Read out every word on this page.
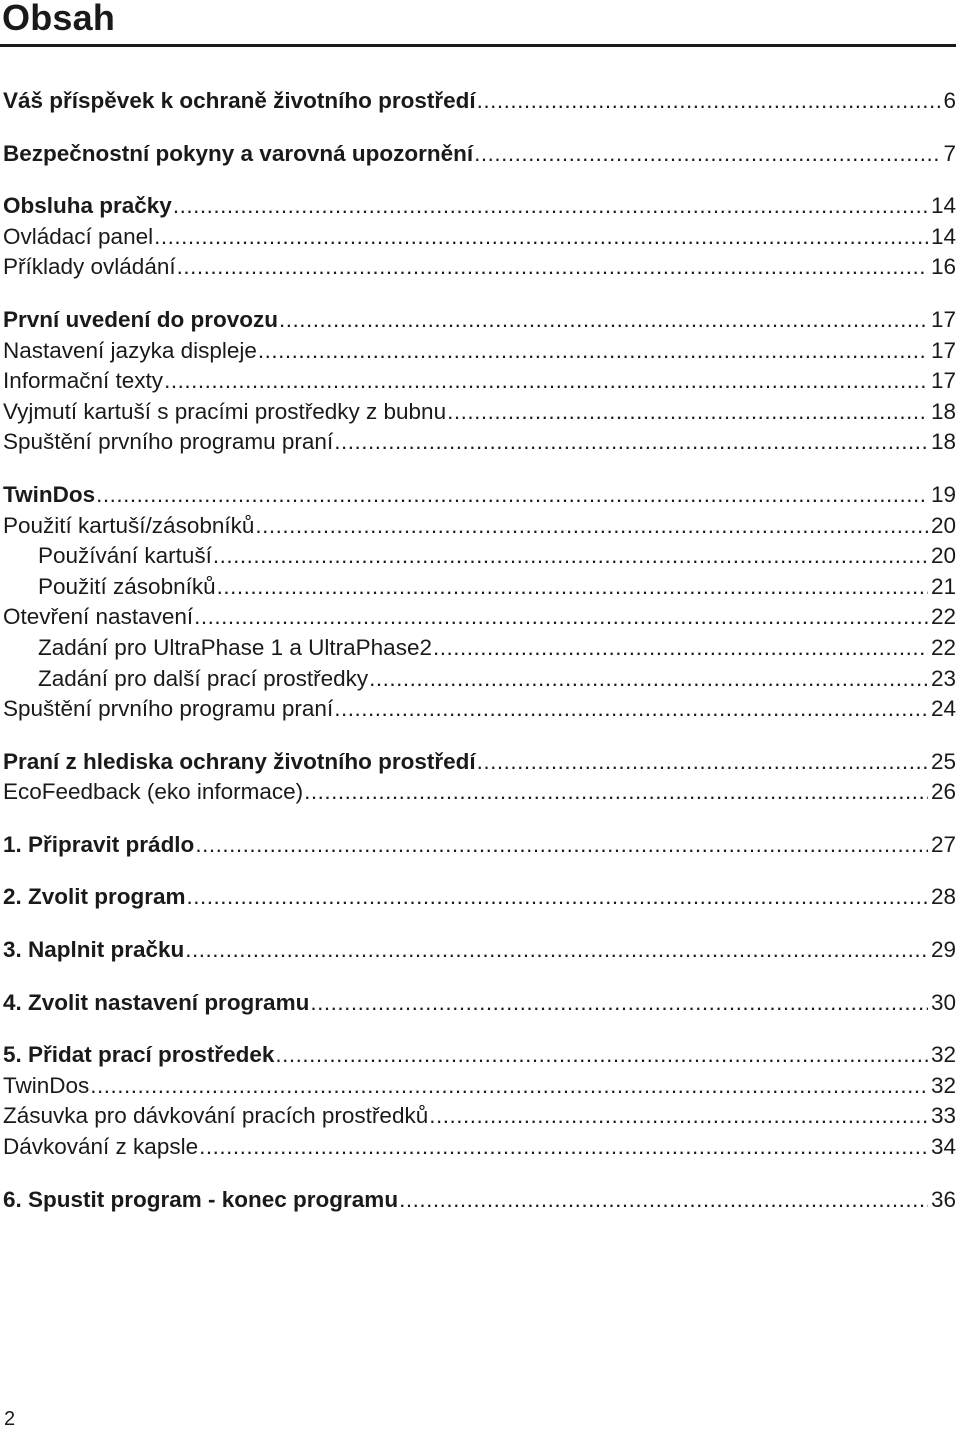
Obsah
Váš příspěvek k ochraně životního prostředí .....	6
Bezpečnostní pokyny a varovná upozornění .....	7
Obsluha pračky .....	14
Ovládací panel .....	14
Příklady ovládání .....	16
První uvedení do provozu .....	17
Nastavení jazyka displeje .....	17
Informační texty .....	17
Vyjmutí kartuší s pracími prostředky z bubnu .....	18
Spuštění prvního programu praní .....	18
TwinDos .....	19
Použití kartuší/zásobníků .....	20
Používání kartuší .....	20
Použití zásobníků .....	21
Otevření nastavení .....	22
Zadání pro UltraPhase 1 a UltraPhase2 .....	22
Zadání pro další prací prostředky .....	23
Spuštění prvního programu praní .....	24
Praní z hlediska ochrany životního prostředí .....	25
EcoFeedback (eko informace) .....	26
1. Připravit prádlo .....	27
2. Zvolit program .....	28
3. Naplnit pračku .....	29
4. Zvolit nastavení programu .....	30
5. Přidat prací prostředek .....	32
TwinDos .....	32
Zásuvka pro dávkování pracích prostředků .....	33
Dávkování z kapsle .....	34
6. Spustit program - konec programu .....	36
2
